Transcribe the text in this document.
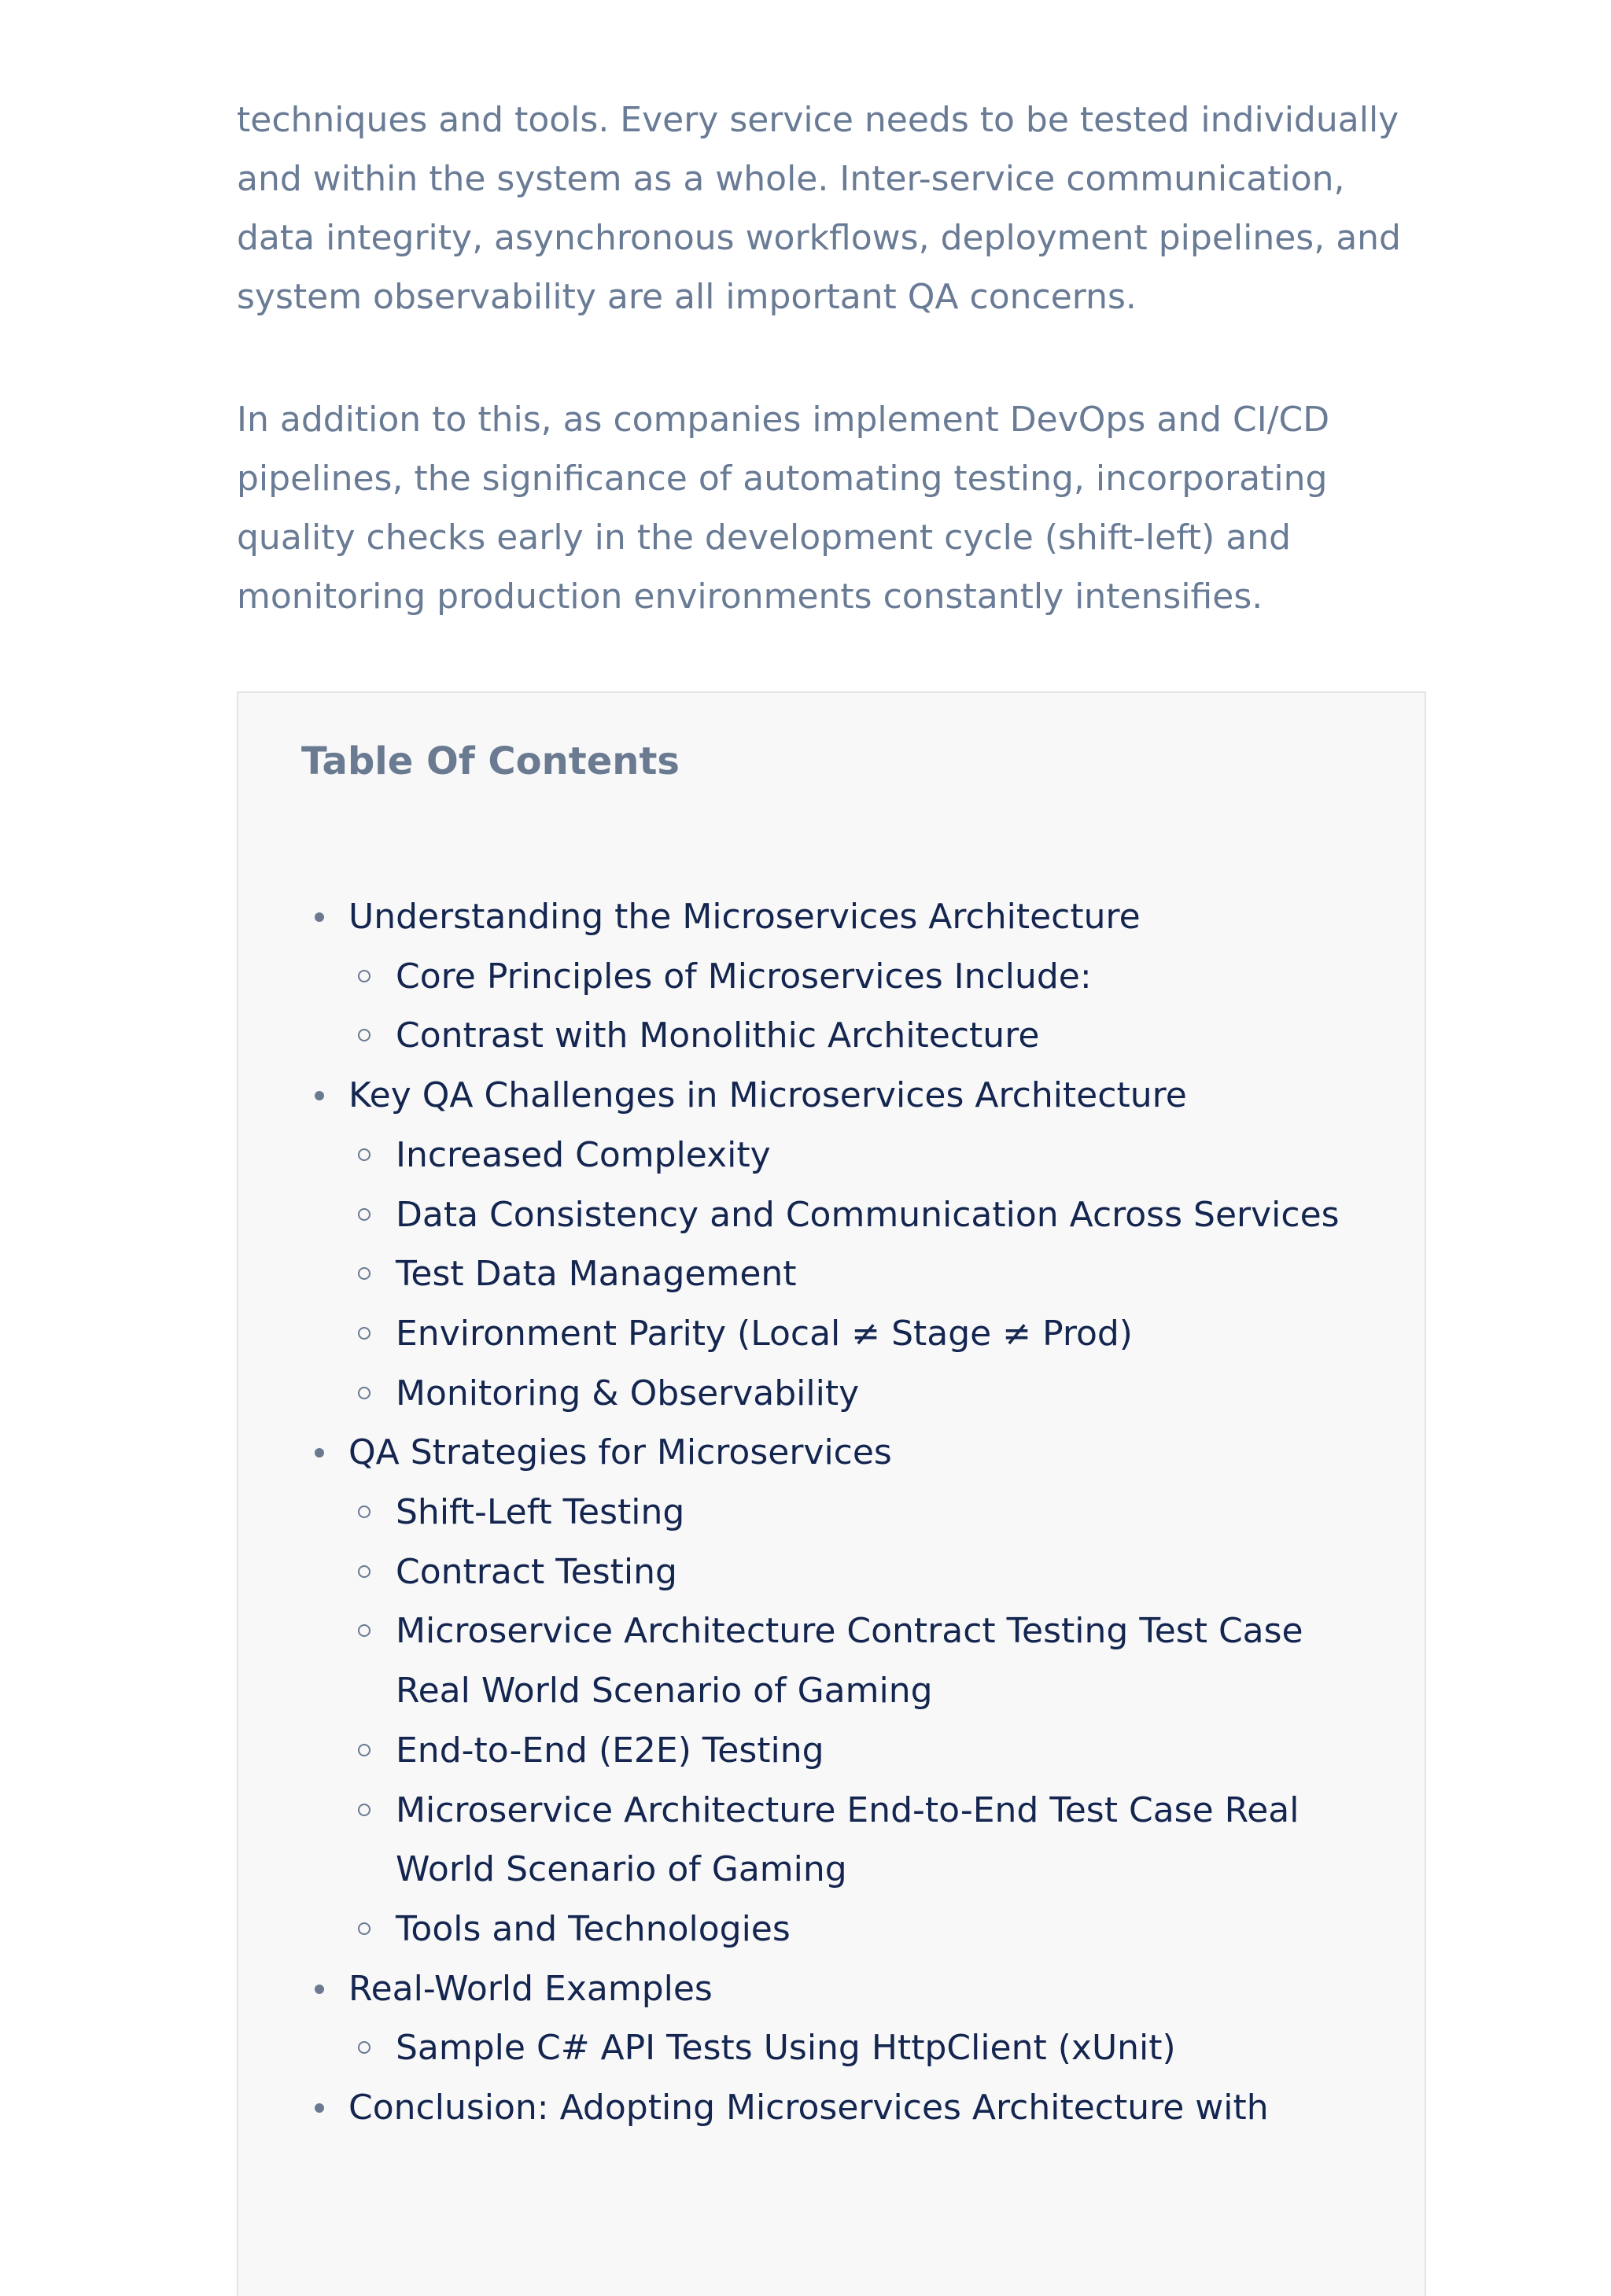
techniques and tools. Every service needs to be tested individually and within the system as a whole. Inter-service communication, data integrity, asynchronous workflows, deployment pipelines, and system observability are all important QA concerns.

In addition to this, as companies implement DevOps and CI/CD pipelines, the significance of automating testing, incorporating quality checks early in the development cycle (shift-left) and monitoring production environments constantly intensifies.

Table Of Contents
Understanding the Microservices Architecture
Core Principles of Microservices Include:
Contrast with Monolithic Architecture
Key QA Challenges in Microservices Architecture
Increased Complexity
Data Consistency and Communication Across Services
Test Data Management
Environment Parity (Local ≠ Stage ≠ Prod)
Monitoring & Observability
QA Strategies for Microservices
Shift-Left Testing
Contract Testing
Microservice Architecture Contract Testing Test Case Real World Scenario of Gaming
End-to-End (E2E) Testing
Microservice Architecture End-to-End Test Case Real World Scenario of Gaming
Tools and Technologies
Real-World Examples
Sample C# API Tests Using HttpClient (xUnit)
Conclusion: Adopting Microservices Architecture with
